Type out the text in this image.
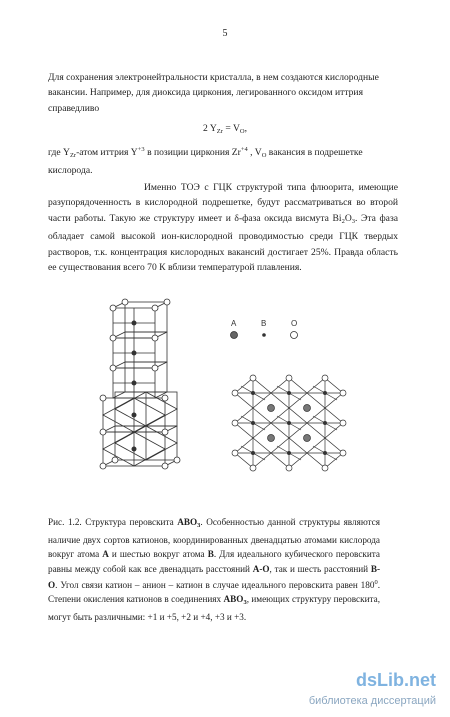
5
Для сохранения электронейтральности кристалла, в нем создаются кислородные вакансии. Например, для диоксида циркония, легированного оксидом иттрия справедливо
2 $Y_{Zr} = V_O$,
где $Y_{Zr}$-атом иттрия $Y^{+3}$ в позиции циркония $Zr^{+4}$ , $V_O$ вакансия в подрешетке кислорода.
Именно ТОЭ с ГЦК структурой типа флюорита, имеющие разупорядоченность в кислородной подрешетке, будут рассматриваться во второй части работы. Такую же структуру имеет и δ-фаза оксида висмута $Bi_2O_3$. Эта фаза обладает самой высокой ион-кислородной проводимостью среди ГЦК твердых растворов, т.к. концентрация кислородных вакансий достигает 25%. Правда область ее существования всего 70 К вблизи температурой плавления.
A	B	O
Рис. 1.2. Структура перовскита $АВО_3$. Особенностью данной структуры являются наличие двух сортов катионов, координированных двенадцатью атомами кислорода вокруг атома А и шестью вокруг атома В. Для идеального кубического перовскита равны между собой как все двенадцать расстояний А-О, так и шесть расстояний В-О. Угол связи катион – анион – катион в случае идеального перовскита равен $180^0$. Степени окисления катионов в соединениях $АВО_3$, имеющих структуру перовскита, могут быть различными: +1 и +5, +2 и +4, +3 и +3.
dsLib.net
библиотека диссертаций
